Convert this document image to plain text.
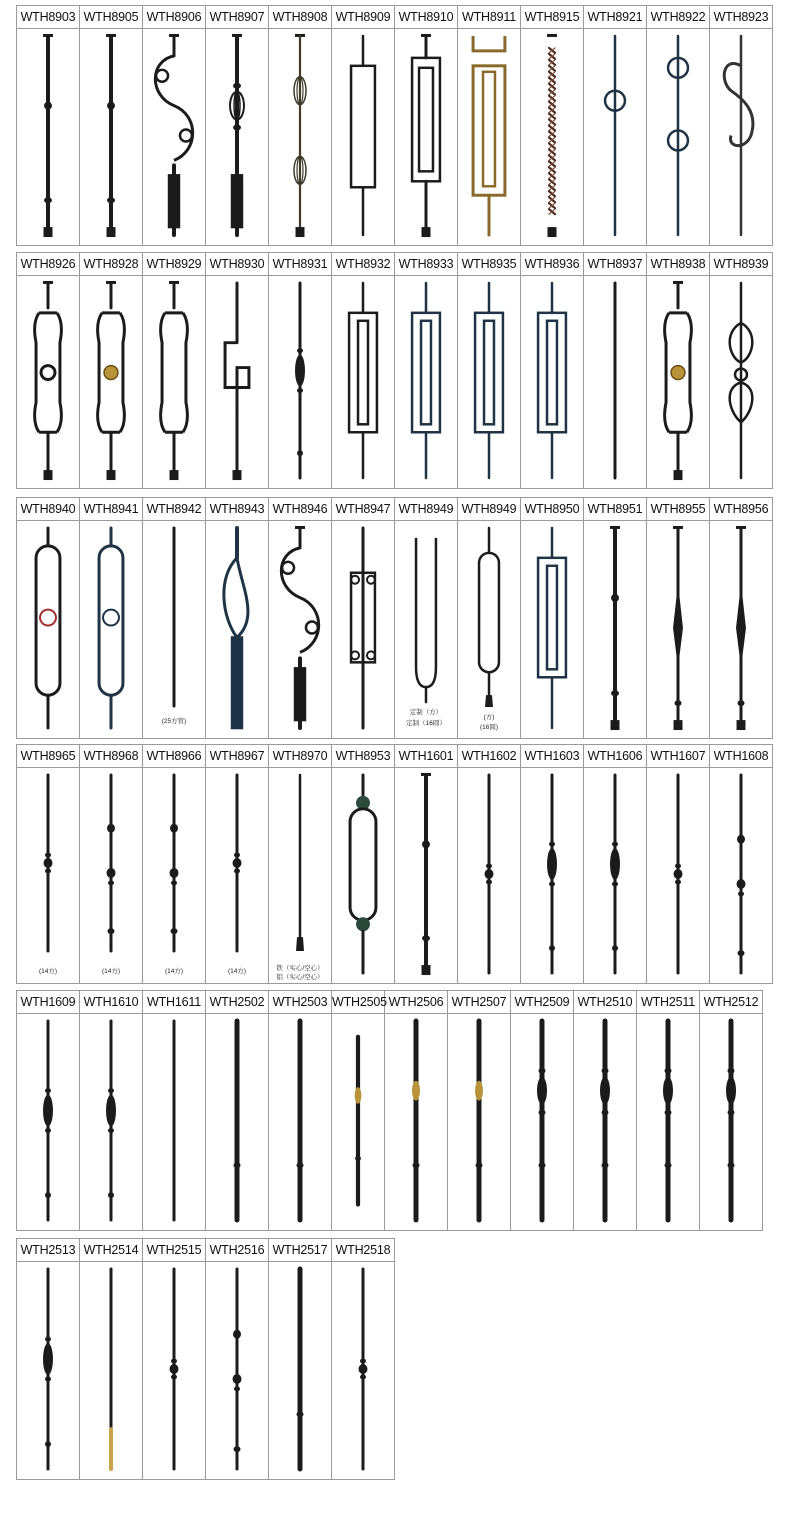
WTH8903 WTH8905 WTH8906 WTH8907 WTH8908 WTH8909 WTH8910 WTH8911 WTH8915 WTH8921 WTH8922 WTH8923
WTH8926 WTH8928 WTH8929 WTH8930 WTH8931 WTH8932 WTH8933 WTH8935 WTH8936 WTH8937 WTH8938 WTH8939
WTH8940 WTH8941 WTH8942
(25方管)
WTH8943 WTH8946 WTH8947 WTH8949
定制（方）
定制（16圆）
WTH8949
(方)
(16圆)
WTH8950 WTH8951 WTH8955 WTH8956
WTH8965
(14方)
WTH8968
(14方)
WTH8966
(14方)
WTH8967
(14方)
WTH8970
铁（实心/空心）
铝（实心/空心）
WTH8953 WTH1601 WTH1602 WTH1603 WTH1606 WTH1607 WTH1608
WTH1609 WTH1610 WTH1611 WTH2502 WTH2503 WTH2505 WTH2506 WTH2507 WTH2509 WTH2510 WTH2511 WTH2512
WTH2513 WTH2514 WTH2515 WTH2516 WTH2517 WTH2518
